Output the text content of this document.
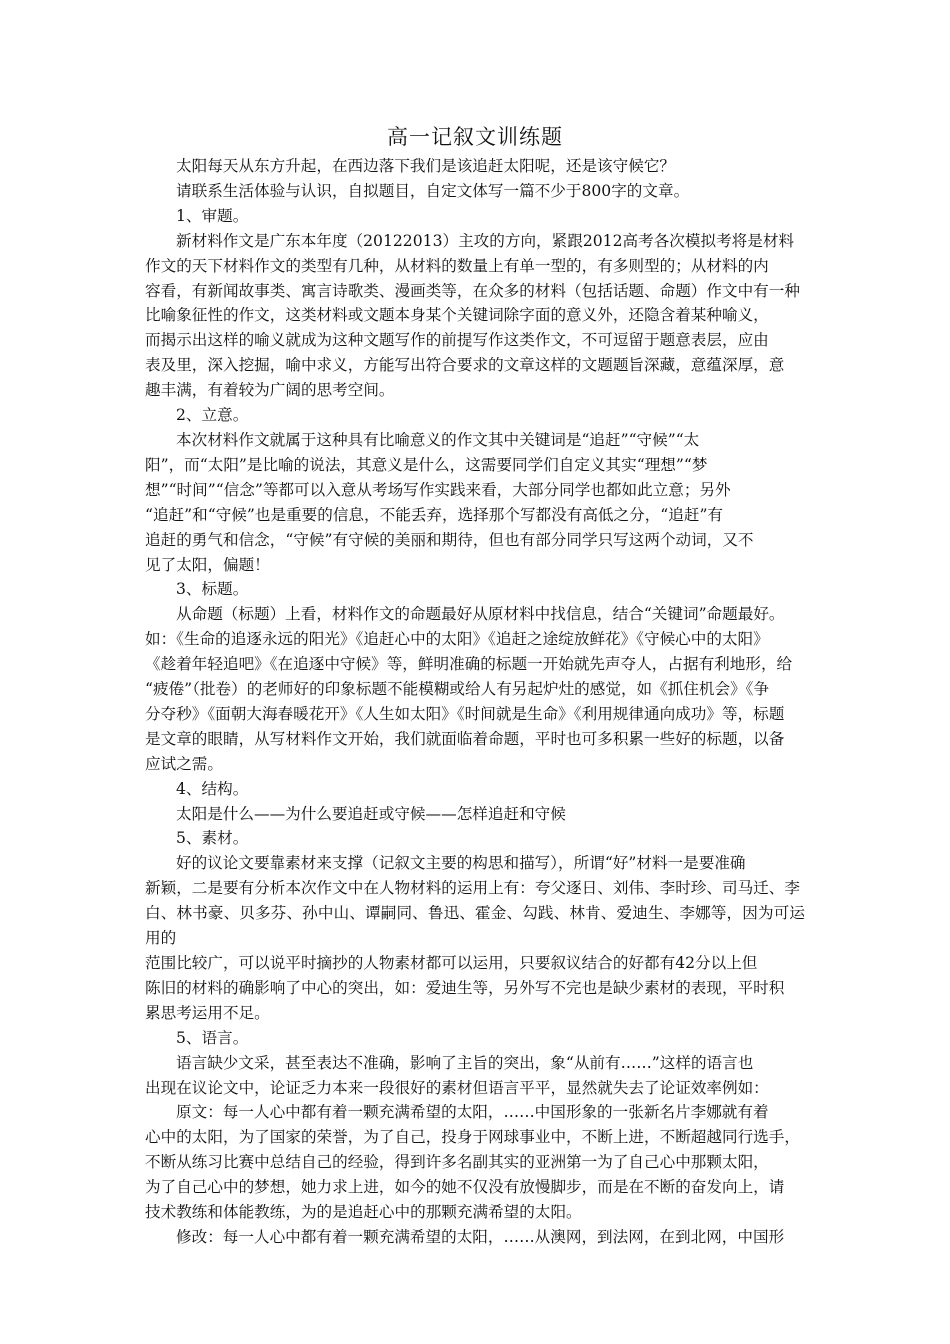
高一记叙文训练题
太阳每天从东方升起，在西边落下我们是该追赶太阳呢，还是该守候它？
请联系生活体验与认识，自拟题目，自定文体写一篇不少于800字的文章。
1、审题。
新材料作文是广东本年度（20122013）主攻的方向，紧跟2012高考各次模拟考将是材料
作文的天下材料作文的类型有几种，从材料的数量上有单一型的，有多则型的；从材料的内
容看，有新闻故事类、寓言诗歌类、漫画类等，在众多的材料（包括话题、命题）作文中有一种
比喻象征性的作文，这类材料或文题本身某个关键词除字面的意义外，还隐含着某种喻义，
而揭示出这样的喻义就成为这种文题写作的前提写作这类作文，不可逗留于题意表层，应由
表及里，深入挖掘，喻中求义，方能写出符合要求的文章这样的文题题旨深藏，意蕴深厚，意
趣丰满，有着较为广阔的思考空间。
2、立意。
本次材料作文就属于这种具有比喻意义的作文其中关键词是“追赶”“守候”“太
阳”，而“太阳”是比喻的说法，其意义是什么，这需要同学们自定义其实“理想”“梦
想”“时间”“信念”等都可以入意从考场写作实践来看，大部分同学也都如此立意；另外
“追赶”和“守候”也是重要的信息，不能丢弃，选择那个写都没有高低之分，“追赶”有
追赶的勇气和信念，“守候”有守候的美丽和期待，但也有部分同学只写这两个动词，又不
见了太阳，偏题！
3、标题。
从命题（标题）上看，材料作文的命题最好从原材料中找信息，结合“关键词”命题最好。
如：《生命的追逐永远的阳光》《追赶心中的太阳》《追赶之途绽放鲜花》《守候心中的太阳》
《趁着年轻追吧》《在追逐中守候》等，鲜明准确的标题一开始就先声夺人，占据有利地形，给
“疲倦”（批卷）的老师好的印象标题不能模糊或给人有另起炉灶的感觉，如《抓住机会》《争
分夺秒》《面朝大海春暖花开》《人生如太阳》《时间就是生命》《利用规律通向成功》等，标题
是文章的眼睛，从写材料作文开始，我们就面临着命题，平时也可多积累一些好的标题，以备
应试之需。
4、结构。
太阳是什么——为什么要追赶或守候——怎样追赶和守候
5、素材。
好的议论文要靠素材来支撑（记叙文主要的构思和描写），所谓“好”材料一是要准确
新颖，二是要有分析本次作文中在人物材料的运用上有：夸父逐日、刘伟、李时珍、司马迁、李
白、林书豪、贝多芬、孙中山、谭嗣同、鲁迅、霍金、勾践、林肯、爱迪生、李娜等，因为可运用的
范围比较广，可以说平时摘抄的人物素材都可以运用，只要叙议结合的好都有42分以上但
陈旧的材料的确影响了中心的突出，如：爱迪生等，另外写不完也是缺少素材的表现，平时积
累思考运用不足。
5、语言。
语言缺少文采，甚至表达不准确，影响了主旨的突出，象“从前有……”这样的语言也
出现在议论文中，论证乏力本来一段很好的素材但语言平平，显然就失去了论证效率例如：
原文：每一人心中都有着一颗充满希望的太阳，……中国形象的一张新名片李娜就有着
心中的太阳，为了国家的荣誉，为了自己，投身于网球事业中，不断上进，不断超越同行选手，
不断从练习比赛中总结自己的经验，得到许多名副其实的亚洲第一为了自己心中那颗太阳，
为了自己心中的梦想，她力求上进，如今的她不仅没有放慢脚步，而是在不断的奋发向上，请
技术教练和体能教练，为的是追赶心中的那颗充满希望的太阳。
修改：每一人心中都有着一颗充满希望的太阳，……从澳网，到法网，在到北网，中国形
